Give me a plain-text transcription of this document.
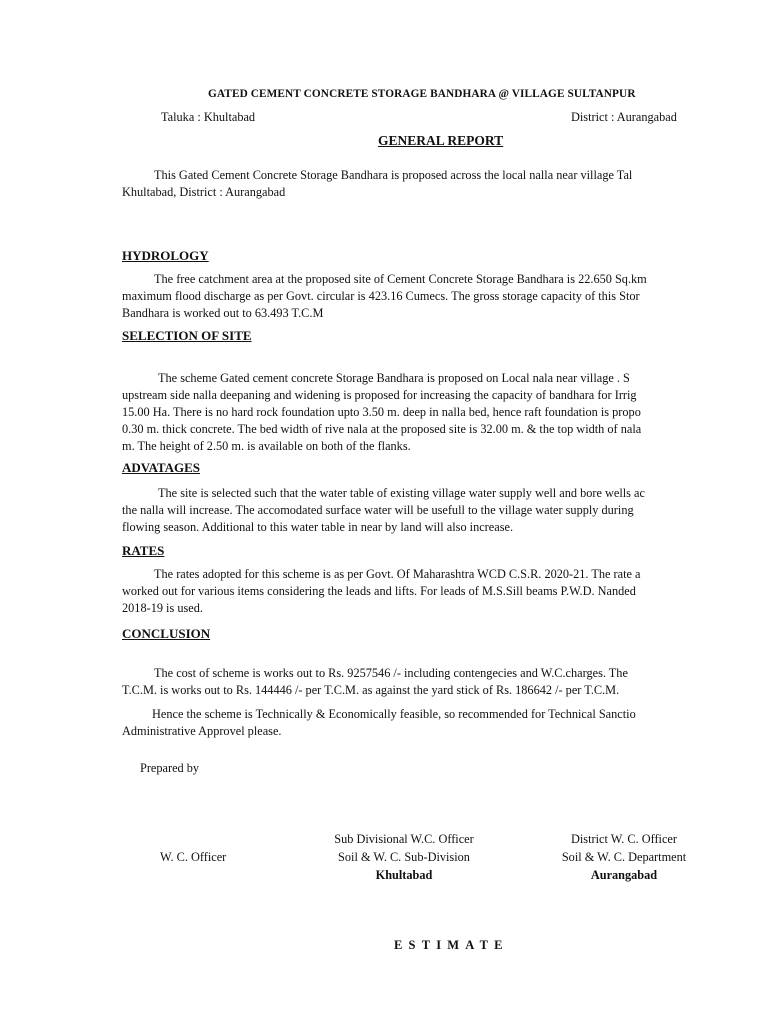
GATED CEMENT CONCRETE STORAGE BANDHARA @ VILLAGE SULTANPUR
Taluka : Khultabad	District : Aurangabad
GENERAL REPORT
This Gated Cement Concrete Storage Bandhara is proposed across the local nalla near village Tal
Khultabad, District : Aurangabad
HYDROLOGY
The free catchment area at the proposed site of Cement Concrete Storage Bandhara is 22.650 Sq.km
maximum flood discharge as per Govt. circular is 423.16 Cumecs. The gross storage capacity of this Stor
Bandhara is worked out to 63.493 T.C.M
SELECTION OF SITE
The scheme Gated cement concrete Storage Bandhara is proposed on Local nala near village . S
upstream side nalla deepaning and widening is proposed for increasing the capacity of bandhara for Irrig
15.00 Ha. There is no hard rock foundation upto 3.50 m. deep in nalla bed, hence raft foundation is propo
0.30 m. thick concrete. The bed width of rive nala at the proposed site is 32.00 m. & the top width of nala
m. The height of 2.50 m. is available on both of the flanks.
ADVATAGES
The site is selected such that the water table of existing village water supply well and bore wells ac
the nalla will increase. The accomodated surface water will be usefull to the village water supply during
flowing season. Additional to this water table in near by land will also increase.
RATES
The rates adopted for this scheme is as per Govt. Of Maharashtra WCD C.S.R. 2020-21. The rate a
worked out for various items considering the leads and lifts. For leads of M.S.Sill beams P.W.D. Nanded
2018-19 is used.
CONCLUSION
The cost of scheme is works out to Rs. 9257546 /- including contengecies and W.C.charges. The
T.C.M. is works out to Rs. 144446 /- per T.C.M. as against the yard stick of Rs. 186642 /- per T.C.M.
Hence the scheme is Technically & Economically feasible, so recommended for Technical Sanctio
Administrative Approvel please.
Prepared by
W. C. Officer
Sub Divisional W.C. Officer
Soil & W. C. Sub-Division
Khultabad
District W. C. Officer
Soil & W. C. Department
Aurangabad
ESTIMATE
